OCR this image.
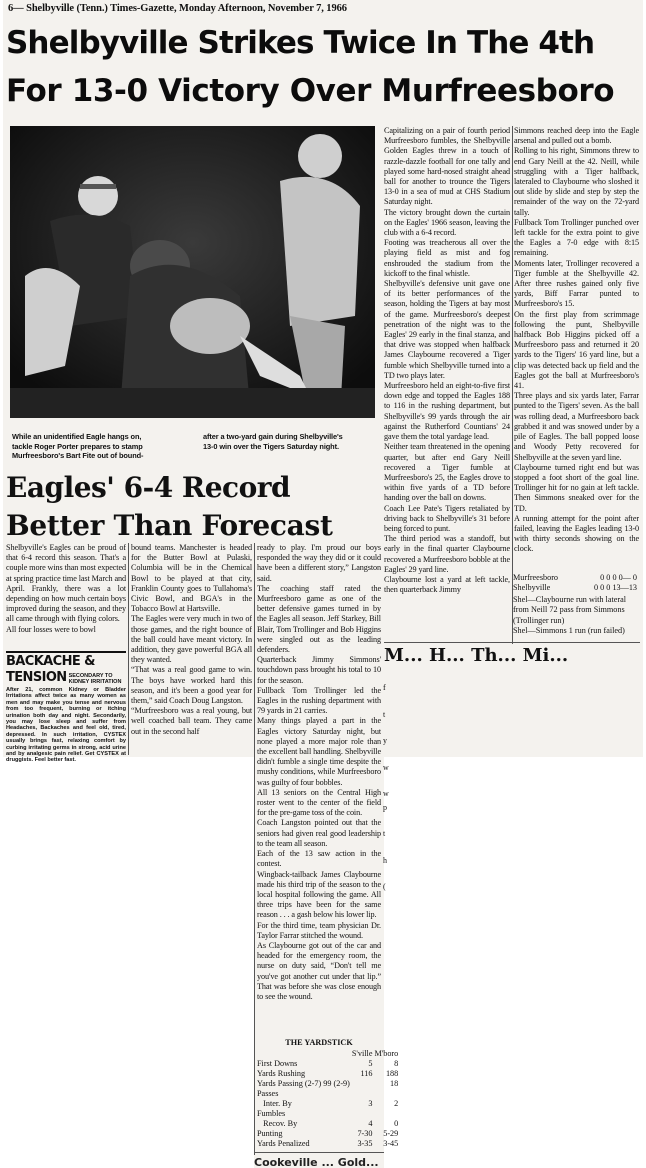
6— Shelbyville (Tenn.) Times-Gazette, Monday Afternoon, November 7, 1966
Shelbyville Strikes Twice In The 4th
For 13-0 Victory Over Murfreesboro
While an unidentified Eagle hangs on,
tackle Roger Porter prepares to stamp
Murfreesboro's Bart Fite out of bound-
after a two-yard gain during Shelbyville's
13-0 win over the Tigers Saturday night.
Capitalizing on a pair of fourth period Murfreesboro fumbles, the Shelbyville Golden Eagles threw in a touch of razzle-dazzle football for one tally and played some hard-nosed straight ahead ball for another to trounce the Tigers 13-0 in a sea of mud at CHS Stadium Saturday night.
The victory brought down the curtain on the Eagles' 1966 season, leaving the club with a 6-4 record.
Footing was treacherous all over the playing field as mist and fog enshrouded the stadium from the kickoff to the final whistle.
Shelbyville's defensive unit gave one of its better performances of the season, holding the Tigers at bay most of the game. Murfreesboro's deepest penetration of the night was to the Eagles' 29 early in the final stanza, and that drive was stopped when halfback James Claybourne recovered a Tiger fumble which Shelbyville turned into a TD two plays later.
Murfreesboro held an eight-to-five first down edge and topped the Eagles 188 to 116 in the rushing department, but Shelbyville's 99 yards through the air against the Rutherford Countians' 24 gave them the total yardage lead.
Neither team threatened in the opening quarter, but after end Gary Neill recovered a Tiger fumble at Murfreesboro's 25, the Eagles drove to within five yards of a TD before handing over the ball on downs.
Coach Lee Pate's Tigers retaliated by driving back to Shelbyville's 31 before being forced to punt.
The third period was a standoff, but early in the final quarter Claybourne recovered a Murfreesboro bobble at the Eagles' 29 yard line.
Claybourne lost a yard at left tackle, then quarterback Jimmy
Simmons reached deep into the Eagle arsenal and pulled out a bomb.
Rolling to his right, Simmons threw to end Gary Neill at the 42. Neill, while struggling with a Tiger halfback, lateraled to Claybourne who sloshed it out slide by slide and step by step the remainder of the way on the 72-yard tally.
Fullback Tom Trollinger punched over left tackle for the extra point to give the Eagles a 7-0 edge with 8:15 remaining.
Moments later, Trollinger recovered a Tiger fumble at the Shelbyville 42. After three rushes gained only five yards, Biff Farrar punted to Murfreesboro's 15.
On the first play from scrimmage following the punt, Shelbyville halfback Bob Higgins picked off a Murfreesboro pass and returned it 20 yards to the Tigers' 16 yard line, but a clip was detected back up field and the Eagles got the ball at Murfreesboro's 41.
Three plays and six yards later, Farrar punted to the Tigers' seven. As the ball was rolling dead, a Murfreesboro back grabbed it and was snowed under by a pile of Eagles. The ball popped loose and Woody Petty recovered for Shelbyville at the seven yard line.
Claybourne turned right end but was stopped a foot short of the goal line. Trollinger hit for no gain at left tackle. Then Simmons sneaked over for the TD.
A running attempt for the point after failed, leaving the Eagles leading 13-0 with thirty seconds showing on the clock.
Murfreesboro	0 0 0 0— 0
Shelbyville	0 0 0 13—13
Shel—Claybourne run with lateral from Neill 72 pass from Simmons (Trollinger run)
Shel—Simmons 1 run (run failed)
Eagles' 6-4 Record
Better Than Forecast
Shelbyville's Eagles can be proud of that 6-4 record this season. That's a couple more wins than most expected at spring practice time last March and April. Frankly, there was a lot depending on how much certain boys improved during the season, and they all came through with flying colors.
All four losses were to bowl
BACKACHE &
TENSION SECONDARY TO KIDNEY IRRITATION
After 21, common Kidney or Bladder Irritations affect twice as many women as men and may make you tense and nervous from too frequent, burning or itching urination both day and night. Secondarily, you may lose sleep and suffer from Headaches, Backaches and feel old, tired, depressed. In such irritation, CYSTEX usually brings fast, relaxing comfort by curbing irritating germs in strong, acid urine and by analgesic pain relief. Get CYSTEX at druggists. Feel better fast.
bound teams. Manchester is headed for the Butter Bowl at Pulaski, Columbia will be in the Chemical Bowl to be played at that city, Franklin County goes to Tullahoma's Civic Bowl, and BGA's in the Tobacco Bowl at Hartsville.
The Eagles were very much in two of those games, and the right bounce of the ball could have meant victory. In addition, they gave powerful BGA all they wanted.
“That was a real good game to win. The boys have worked hard this season, and it's been a good year for them,” said Coach Doug Langston.
“Murfreesboro was a real young, but well coached ball team. They came out in the second half
ready to play. I'm proud our boys responded the way they did or it could have been a different story,” Langston said.
The coaching staff rated the Murfreesboro game as one of the better defensive games turned in by the Eagles all season. Jeff Starkey, Bill Blair, Tom Trollinger and Bob Higgins were singled out as the leading defenders.
Quarterback Jimmy Simmons' touchdown pass brought his total to 10 for the season.
Fullback Tom Trollinger led the Eagles in the rushing department with 79 yards in 21 carries.
Many things played a part in the Eagles victory Saturday night, but none played a more major role than the excellent ball handling. Shelbyville didn't fumble a single time despite the mushy conditions, while Murfreesboro was guilty of four bobbles.
All 13 seniors on the Central High roster went to the center of the field for the pre-game toss of the coin.
Coach Langston pointed out that the seniors had given real good leadership to the team all season.
Each of the 13 saw action in the contest.
Wingback-tailback James Claybourne made his third trip of the season to the local hospital following the game. All three trips have been for the same reason . . . a gash below his lower lip.
For the third time, team physician Dr. Taylor Farrar stitched the wound.
As Claybourne got out of the car and headed for the emergency room, the nurse on duty said, “Don't tell me you've got another cut under that lip.” That was before she was close enough to see the wound.
THE YARDSTICK
	S'ville	M'boro
First Downs	5	8
Yards Rushing	116	188
Yards Passing (2-7) 99 (2-9)		18
Passes		
Inter. By	3	2
Fumbles		
Recov. By	4	0
Punting	7-30	5-29
Yards Penalized	3-35	3-45
M... H... Th... Mi...
f

t

y

w

w
p

t

h

(
Cookeville ... Gold...
